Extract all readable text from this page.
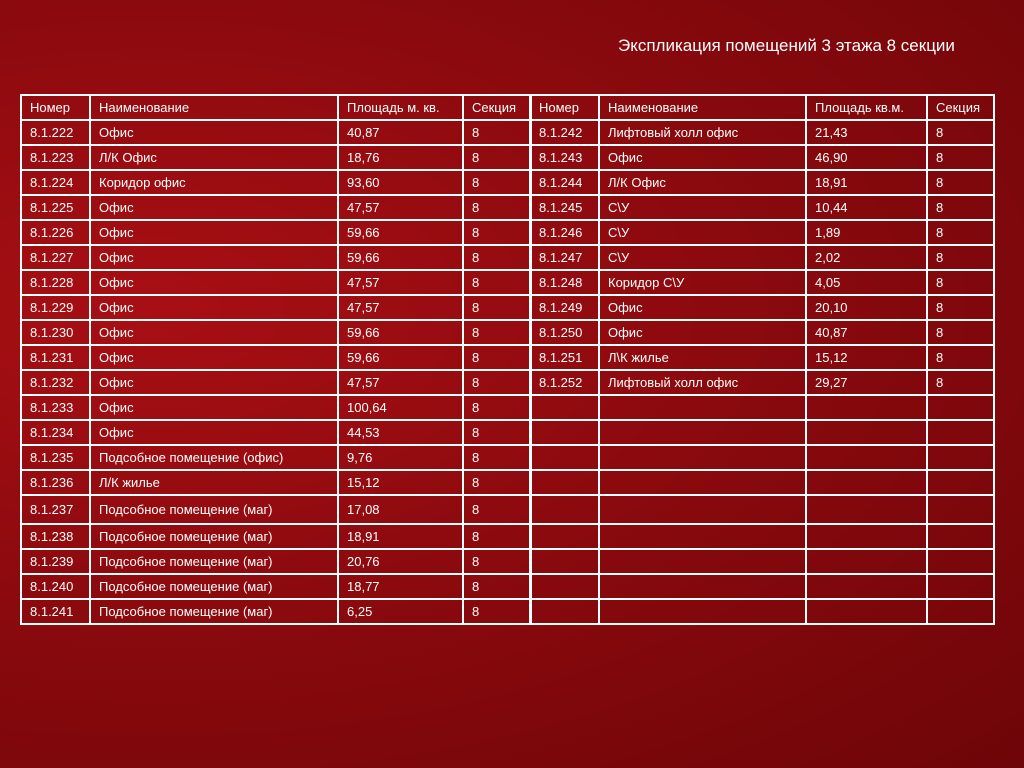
Экспликация помещений 3 этажа 8 секции
Номер	Наименование	Площадь м. кв.	Секция
8.1.222	Офис	40,87	8
8.1.223	Л/К Офис	18,76	8
8.1.224	Коридор офис	93,60	8
8.1.225	Офис	47,57	8
8.1.226	Офис	59,66	8
8.1.227	Офис	59,66	8
8.1.228	Офис	47,57	8
8.1.229	Офис	47,57	8
8.1.230	Офис	59,66	8
8.1.231	Офис	59,66	8
8.1.232	Офис	47,57	8
8.1.233	Офис	100,64	8
8.1.234	Офис	44,53	8
8.1.235	Подсобное помещение (офис)	9,76	8
8.1.236	Л/К жилье	15,12	8
8.1.237	Подсобное помещение (маг)	17,08	8
8.1.238	Подсобное помещение (маг)	18,91	8
8.1.239	Подсобное помещение (маг)	20,76	8
8.1.240	Подсобное помещение (маг)	18,77	8
8.1.241	Подсобное помещение (маг)	6,25	8
Номер	Наименование	Площадь кв.м.	Секция
8.1.242	Лифтовый холл офис	21,43	8
8.1.243	Офис	46,90	8
8.1.244	Л/К Офис	18,91	8
8.1.245	С\У	10,44	8
8.1.246	С\У	1,89	8
8.1.247	С\У	2,02	8
8.1.248	Коридор С\У	4,05	8
8.1.249	Офис	20,10	8
8.1.250	Офис	40,87	8
8.1.251	Л\К жилье	15,12	8
8.1.252	Лифтовый холл офис	29,27	8
